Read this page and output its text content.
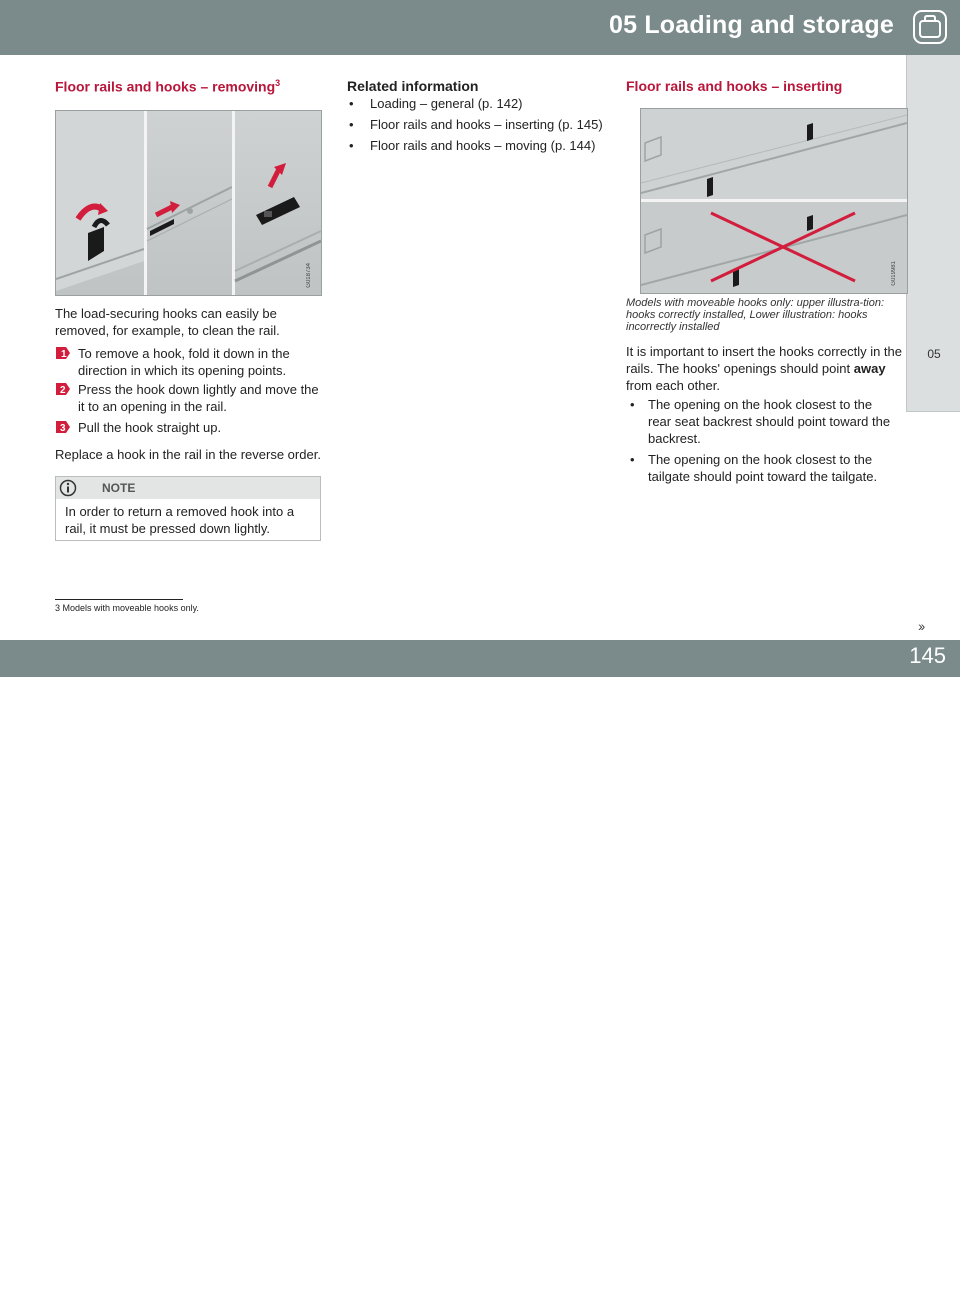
05 Loading and storage
05
Floor rails and hooks – removing$^3$
G018734
The load-securing hooks can easily be removed, for example, to clean the rail.
1 To remove a hook, fold it down in the direction in which its opening points.
2 Press the hook down lightly and move the it to an opening in the rail.
3 Pull the hook straight up.
Replace a hook in the rail in the reverse order.
NOTE
In order to return a removed hook into a rail, it must be pressed down lightly.
Related information
• Loading – general (p. 142)
• Floor rails and hooks – inserting (p. 145)
• Floor rails and hooks – moving (p. 144)
Floor rails and hooks – inserting
G019981
Models with moveable hooks only: upper illustra-tion: hooks correctly installed, Lower illustration: hooks incorrectly installed
It is important to insert the hooks correctly in the rails. The hooks' openings should point away from each other.
• The opening on the hook closest to the rear seat backrest should point toward the backrest.
• The opening on the hook closest to the tailgate should point toward the tailgate.
3 Models with moveable hooks only.
››
carmanualsonline.info
145
